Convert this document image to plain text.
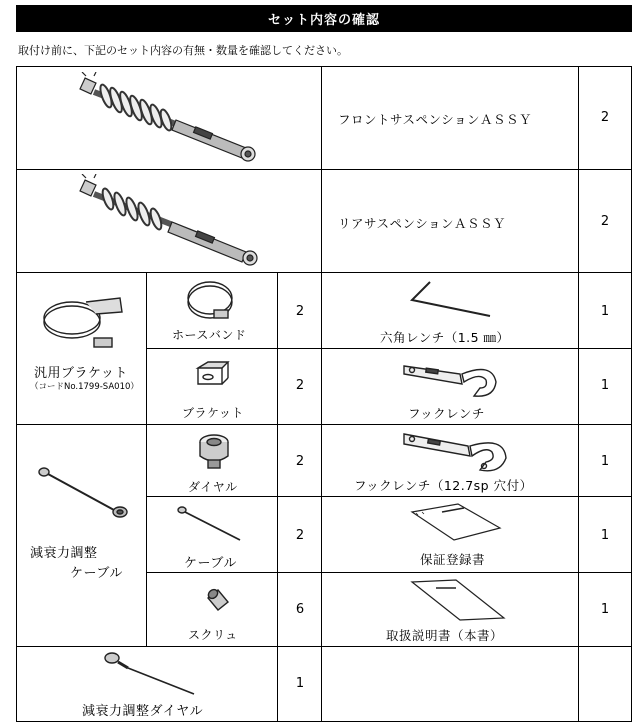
セット内容の確認
取付け前に、下記のセット内容の有無・数量を確認してください。
フロントサスペンションＡＳＳＹ	2
リアサスペンションＡＳＳＹ	2
汎用ブラケット
（コードNo.1799-SA010）
ホースバンド
2
ブラケット
2
六角レンチ（1.5 ㎜）
1
フックレンチ
1
減衰力調整
ケーブル
ダイヤル
2
ケーブル
2
スクリュ
6
フックレンチ（12.7sp 穴付）
1
保証登録書
1
取扱説明書（本書）
1
減衰力調整ダイヤル
1
